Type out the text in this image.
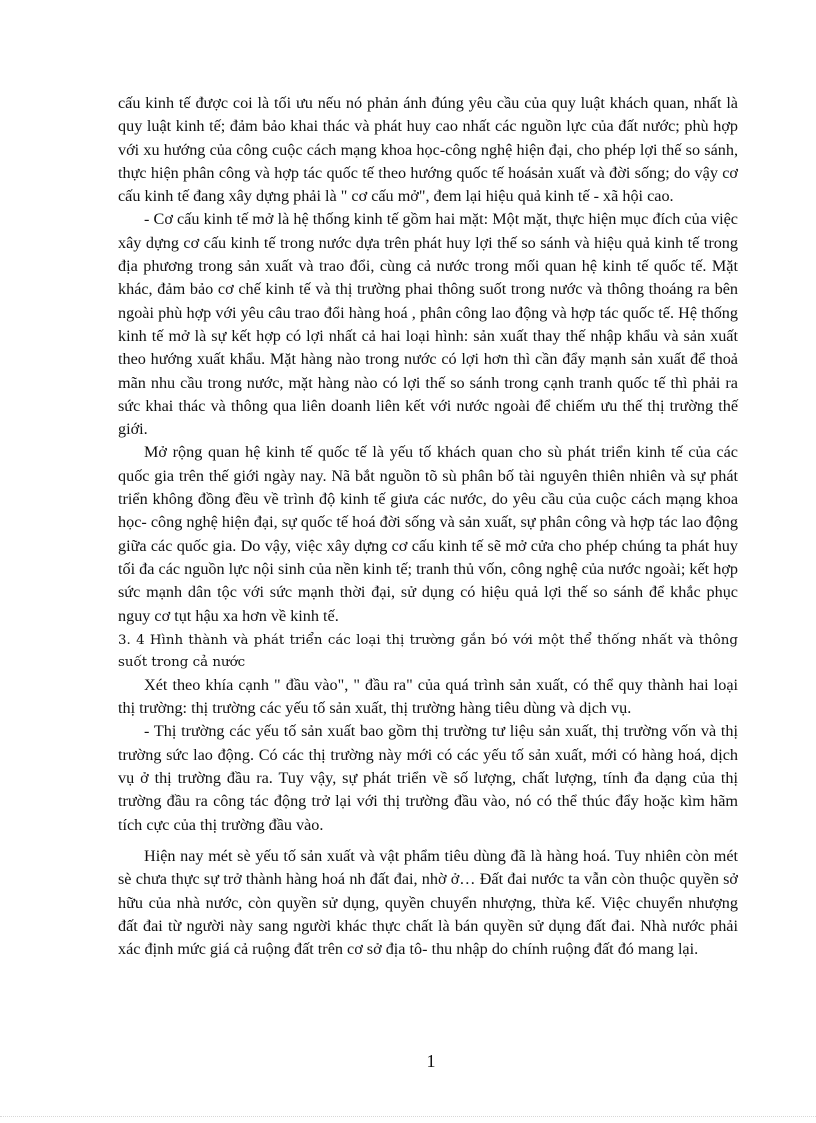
cấu kinh tế được coi là tối ưu nếu nó phản ánh đúng yêu cầu của quy luật khách quan, nhất là quy luật kinh tế; đảm bảo khai thác và phát huy cao nhất các nguồn lực của đất nước; phù hợp với xu hướng của công cuộc cách mạng khoa học-công nghệ hiện đại, cho phép lợi thế so sánh, thực hiện phân công và hợp tác quốc tế theo hướng quốc tế hoásản xuất và đời sống; do vậy cơ cấu kinh tế đang xây dựng phải là " cơ cấu mở", đem lại hiệu quả kinh tế - xã hội cao.

- Cơ cấu kinh tế mở là hệ thống kinh tế gồm hai mặt: Một mặt, thực hiện mục đích của việc xây dựng cơ cấu kinh tế trong nước dựa trên phát huy lợi thế so sánh và hiệu quả kinh tế trong địa phương trong sản xuất và trao đổi, cùng cả nước trong mối quan hệ kinh tế quốc tế. Mặt khác, đảm bảo cơ chế kinh tế và thị trường phai thông suốt trong nước và thông thoáng ra bên ngoài phù hợp với yêu câu trao đổi hàng hoá , phân công lao động và hợp tác quốc tế. Hệ thống kinh tế mở là sự kết hợp có lợi nhất cả hai loại hình: sản xuất thay thế nhập khẩu và sản xuất theo hướng xuất khẩu. Mặt hàng nào trong nước có lợi hơn thì cần đẩy mạnh sản xuất để thoả mãn nhu cầu trong nước, mặt hàng nào có lợi thế so sánh trong cạnh tranh quốc tế thì phải ra sức khai thác và thông qua liên doanh liên kết với nước ngoài để chiếm ưu thế thị trường thế giới.

Mở rộng quan hệ kinh tế quốc tế là yếu tố khách quan cho sù phát triển kinh tế của các quốc gia trên thế giới ngày nay. Nã bắt nguồn tõ sù phân bố tài nguyên thiên nhiên và sự phát triển không đồng đều về trình độ kinh tế giưa các nước, do yêu cầu của cuộc cách mạng khoa học- công nghệ hiện đại, sự quốc tế hoá đời sống và sản xuất, sự phân công và hợp tác lao động giữa các quốc gia. Do vậy, việc xây dựng cơ cấu kinh tế sẽ mở cửa cho phép chúng ta phát huy tối đa các nguồn lực nội sinh của nền kinh tế; tranh thủ vốn, công nghệ của nước ngoài; kết hợp sức mạnh dân tộc với sức mạnh thời đại, sử dụng có hiệu quả lợi thế so sánh để khắc phục nguy cơ tụt hậu xa hơn về kinh tế.

3. 4 Hình thành và phát triển các loại thị trường gắn bó với một thể thống nhất và thông suốt trong cả nước

Xét theo khía cạnh " đầu vào", " đầu ra" của quá trình sản xuất, có thể quy thành hai loại thị trường: thị trường các yếu tố sản xuất, thị trường hàng tiêu dùng và dịch vụ.

- Thị trường các yếu tố sản xuất bao gồm thị trường tư liệu sản xuất, thị trường vốn và thị trường sức lao động. Có các thị trường này mới có các yếu tố sản xuất, mới có hàng hoá, dịch vụ ở thị trường đầu ra. Tuy vậy, sự phát triển về số lượng, chất lượng, tính đa dạng của thị trường đầu ra công tác động trở lại với thị trường đầu vào, nó có thể thúc đẩy hoặc kìm hãm tích cực của thị trường đầu vào.

Hiện nay mét sè yếu tố sản xuất và vật phẩm tiêu dùng đã là hàng hoá. Tuy nhiên còn mét sè chưa thực sự trở thành hàng hoá nh đất đai, nhờ ở… Đất đai nước ta vẫn còn thuộc quyền sở hữu của nhà nước, còn quyền sử dụng, quyền chuyển nhượng, thừa kế. Việc chuyển nhượng đất đai từ người này sang người khác thực chất là bán quyền sử dụng đất đai. Nhà nước phải xác định mức giá cả ruộng đất trên cơ sở địa tô- thu nhập do chính ruộng đất đó mang lại.

1
